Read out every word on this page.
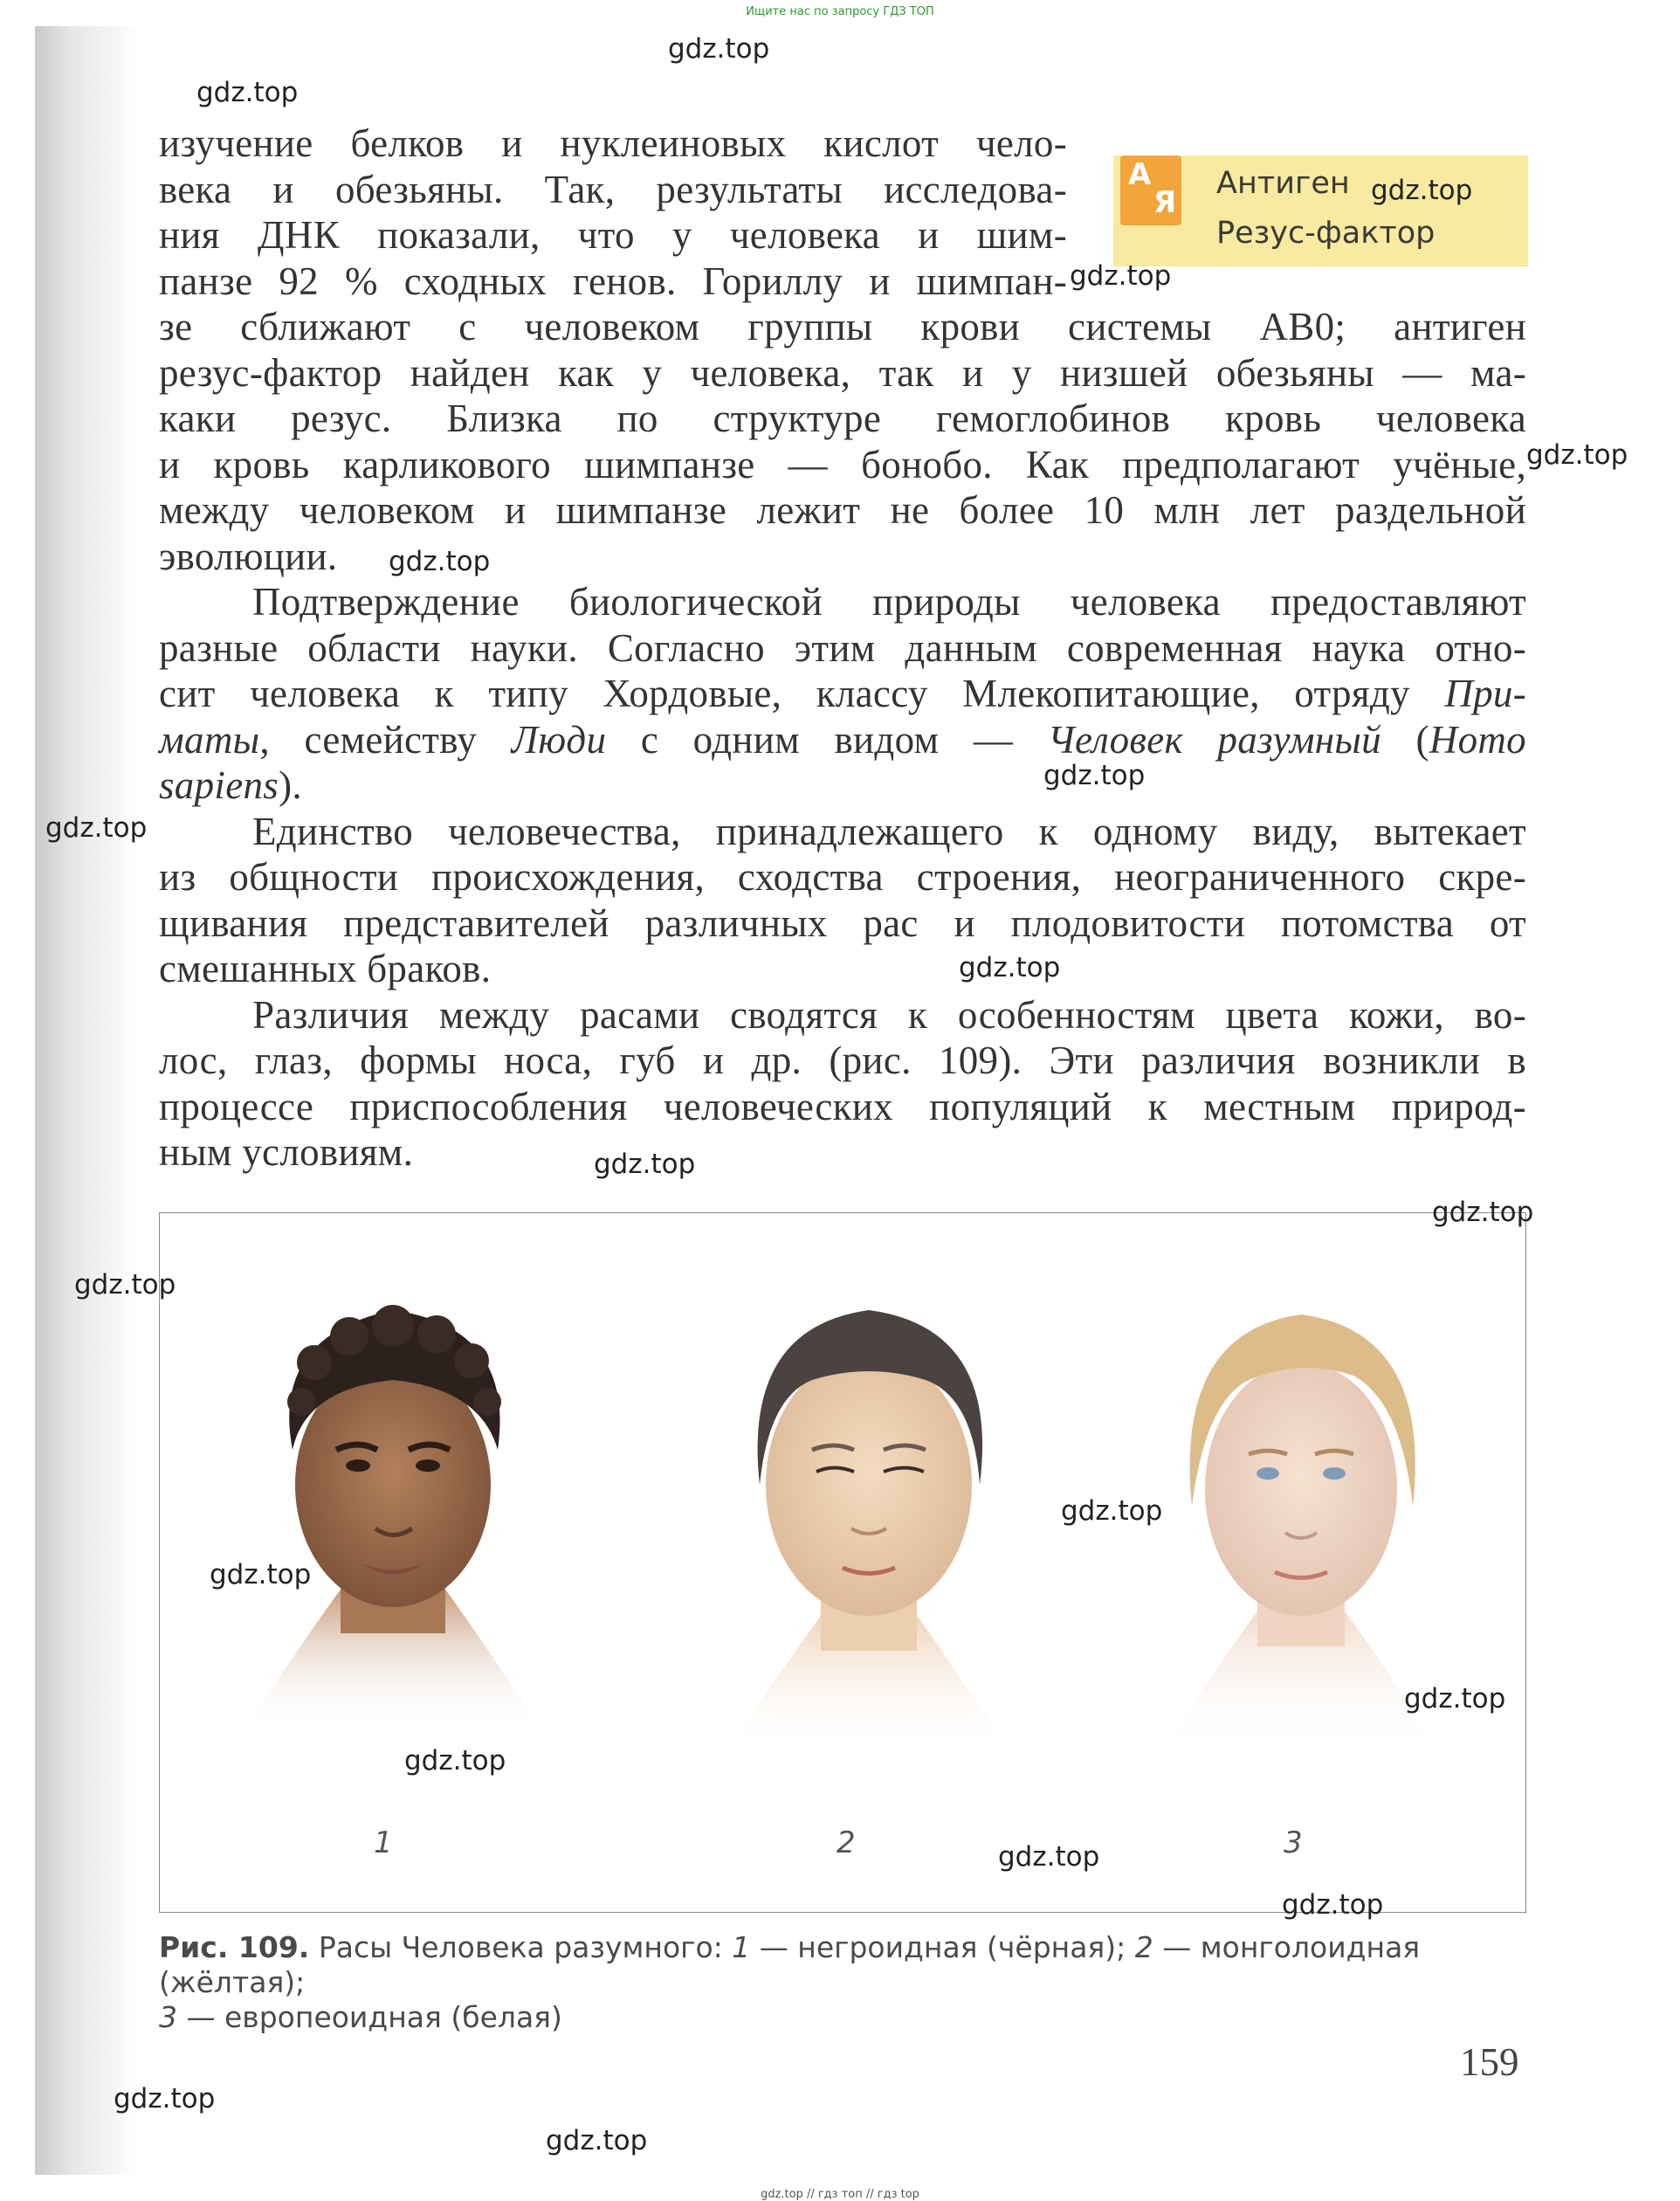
Ищите нас по запросу ГДЗ ТОП
А
Я
Антиген
Резус-фактор
изучение белков и нуклеиновых кислот чело-
века и обезьяны. Так, результаты исследова-
ния ДНК показали, что у человека и шим-
панзе 92 % сходных генов. Гориллу и шимпан-
зе сближают с человеком группы крови системы AB0; антиген
резус-фактор найден как у человека, так и у низшей обезьяны — ма-
каки резус. Близка по структуре гемоглобинов кровь человека
и кровь карликового шимпанзе — бонобо. Как предполагают учёные,
между человеком и шимпанзе лежит не более 10 млн лет раздельной
эволюции.
Подтверждение биологической природы человека предоставляют
разные области науки. Согласно этим данным современная наука отно-
сит человека к типу Хордовые, классу Млекопитающие, отряду При-
маты, семейству Люди с одним видом — Человек разумный (Homo
sapiens).
Единство человечества, принадлежащего к одному виду, вытекает
из общности происхождения, сходства строения, неограниченного скре-
щивания представителей различных рас и плодовитости потомства от
смешанных браков.
Различия между расами сводятся к особенностям цвета кожи, во-
лос, глаз, формы носа, губ и др. (рис. 109). Эти различия возникли в
процессе приспособления человеческих популяций к местным природ-
ным условиям.
1	2	3
Рис. 109. Расы Человека разумного: 1 — негроидная (чёрная); 2 — монголоидная (жёлтая);
3 — европеоидная (белая)
159
gdz.top
gdz.top
gdz.top
gdz.top
gdz.top
gdz.top
gdz.top
gdz.top
gdz.top
gdz.top
gdz.top
gdz.top
gdz.top
gdz.top
gdz.top
gdz.top
gdz.top
gdz.top
gdz.top
gdz.top
gdz.top // гдз топ // гдз top
